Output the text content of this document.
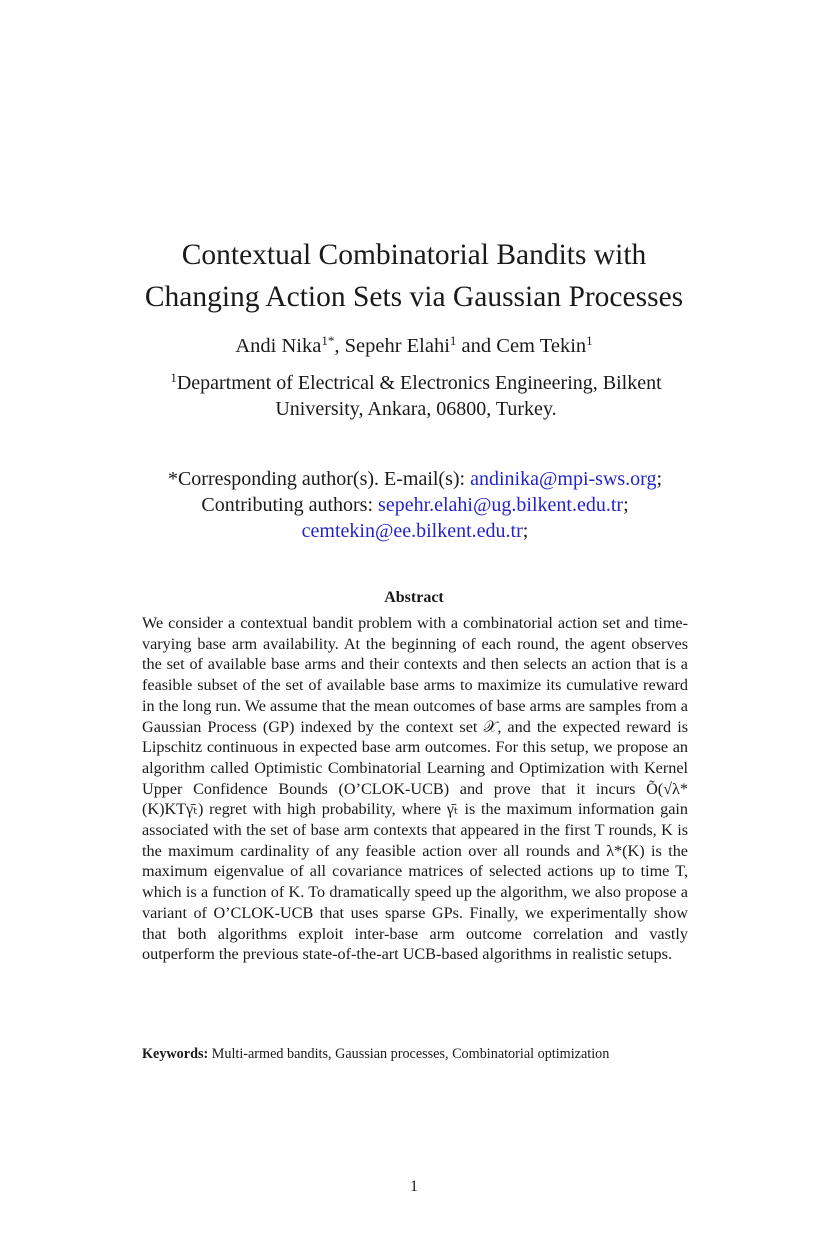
Contextual Combinatorial Bandits with
Changing Action Sets via Gaussian Processes
Andi Nika$^{1*}$, Sepehr Elahi$^1$ and Cem Tekin$^1$
$^1$Department of Electrical & Electronics Engineering, Bilkent University, Ankara, 06800, Turkey.
*Corresponding author(s). E-mail(s): andinika@mpi-sws.org;
Contributing authors: sepehr.elahi@ug.bilkent.edu.tr;
cemtekin@ee.bilkent.edu.tr;
Abstract

We consider a contextual bandit problem with a combinatorial action set and time-varying base arm availability. At the beginning of each round, the agent observes the set of available base arms and their contexts and then selects an action that is a feasible subset of the set of available base arms to maximize its cumulative reward in the long run. We assume that the mean outcomes of base arms are samples from a Gaussian Process (GP) indexed by the context set 𝒳, and the expected reward is Lipschitz continuous in expected base arm outcomes. For this setup, we propose an algorithm called Optimistic Combinatorial Learning and Optimization with Kernel Upper Confidence Bounds (O’CLOK-UCB) and prove that it incurs Õ(√λ*(K)KTγ̄ₜ) regret with high probability, where γ̄ₜ is the maximum information gain associated with the set of base arm contexts that appeared in the first T rounds, K is the maximum cardinality of any feasible action over all rounds and λ*(K) is the maximum eigenvalue of all covariance matrices of selected actions up to time T, which is a function of K. To dramatically speed up the algorithm, we also propose a variant of O’CLOK-UCB that uses sparse GPs. Finally, we experimentally show that both algorithms exploit inter-base arm outcome correlation and vastly outperform the previous state-of-the-art UCB-based algorithms in realistic setups.

Keywords: Multi-armed bandits, Gaussian processes, Combinatorial optimization
1
